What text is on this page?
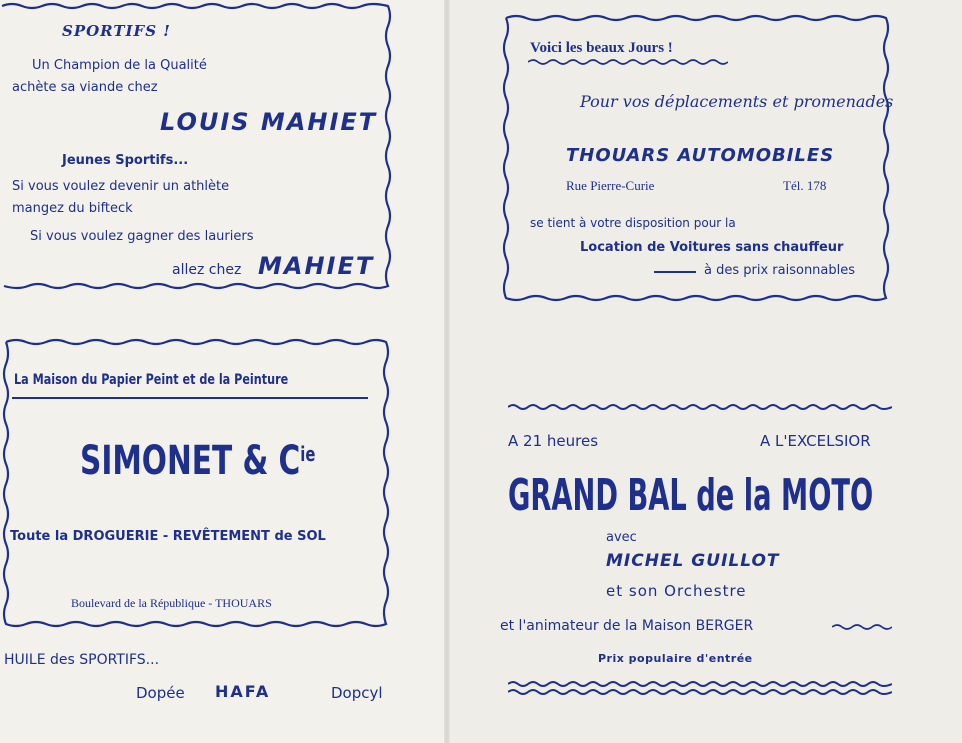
SPORTIFS !
Un Champion de la Qualité
achète sa viande chez
LOUIS MAHIET
Jeunes Sportifs...
Si vous voulez devenir un athlète
mangez du bifteck
Si vous voulez gagner des lauriers
allez chez MAHIET
La Maison du Papier Peint et de la Peinture
SIMONET & $C^{ie}$
Toute la DROGUERIE - REVÊTEMENT de SOL
Boulevard de la République - THOUARS
HUILE des SPORTIFS...
Dopée HAFA	Dopcyl
Voici les beaux Jours !
Pour vos déplacements et promenades
THOUARS AUTOMOBILES
Rue Pierre-Curie	Tél. 178
se tient à votre disposition pour la
Location de Voitures sans chauffeur
à des prix raisonnables
A 21 heures	A L'EXCELSIOR
GRAND BAL de la MOTO
avec
MICHEL GUILLOT
et son Orchestre
et l'animateur de la Maison BERGER
Prix populaire d'entrée
